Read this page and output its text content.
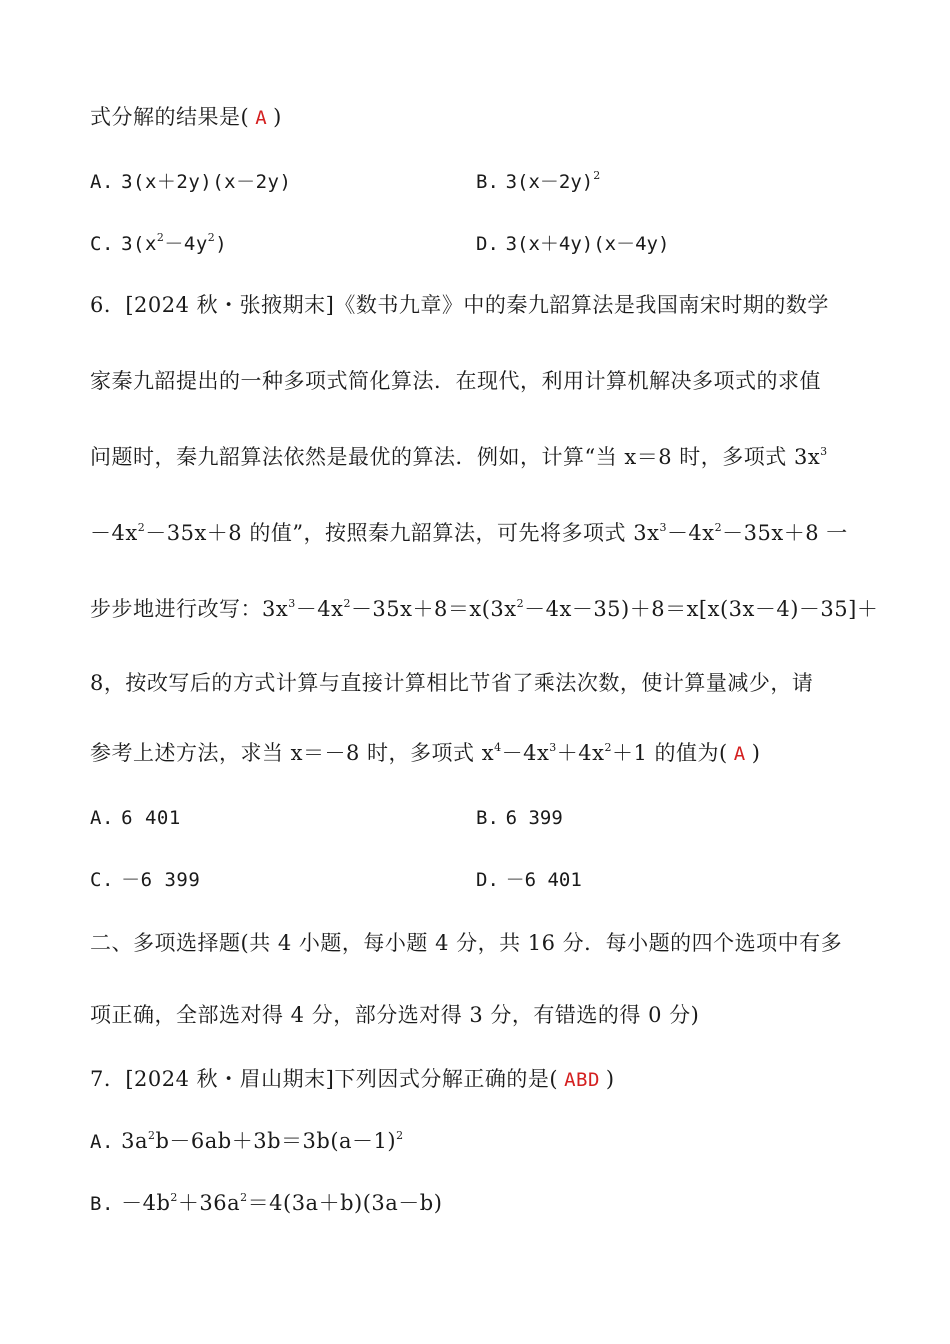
式分解的结果是( A )
A. 3(x＋2y)(x－2y)	B. $3(x-2y)^2$
C. $3(x^2-4y^2)$	D. 3(x＋4y)(x－4y)
6．[2024 秋・张掖期末]《数书九章》中的秦九韶算法是我国南宋时期的数学
家秦九韶提出的一种多项式简化算法．在现代，利用计算机解决多项式的求值
问题时，秦九韶算法依然是最优的算法．例如，计算“当 x＝8 时，多项式 $3x^3$
$-4x^2-35x+8$ 的值”，按照秦九韶算法，可先将多项式 $3x^3-4x^2-35x+8$ 一
步步地进行改写：$3x^3-4x^2-35x+8=x(3x^2-4x-35)+8=x[x(3x-4)-35]+$
8，按改写后的方式计算与直接计算相比节省了乘法次数，使计算量减少，请
参考上述方法，求当 x＝－8 时，多项式 $x^4-4x^3+4x^2+1$ 的值为( A )
A. 6 401	B. 6 399
C. －6 399	D. －6 401
二、多项选择题(共 4 小题，每小题 4 分，共 16 分．每小题的四个选项中有多
项正确，全部选对得 4 分，部分选对得 3 分，有错选的得 0 分)
7．[2024 秋・眉山期末]下列因式分解正确的是( ABD )
A. $3a^2b-6ab+3b=3b(a-1)^2$
B. $-4b^2+36a^2=4(3a+b)(3a-b)$
